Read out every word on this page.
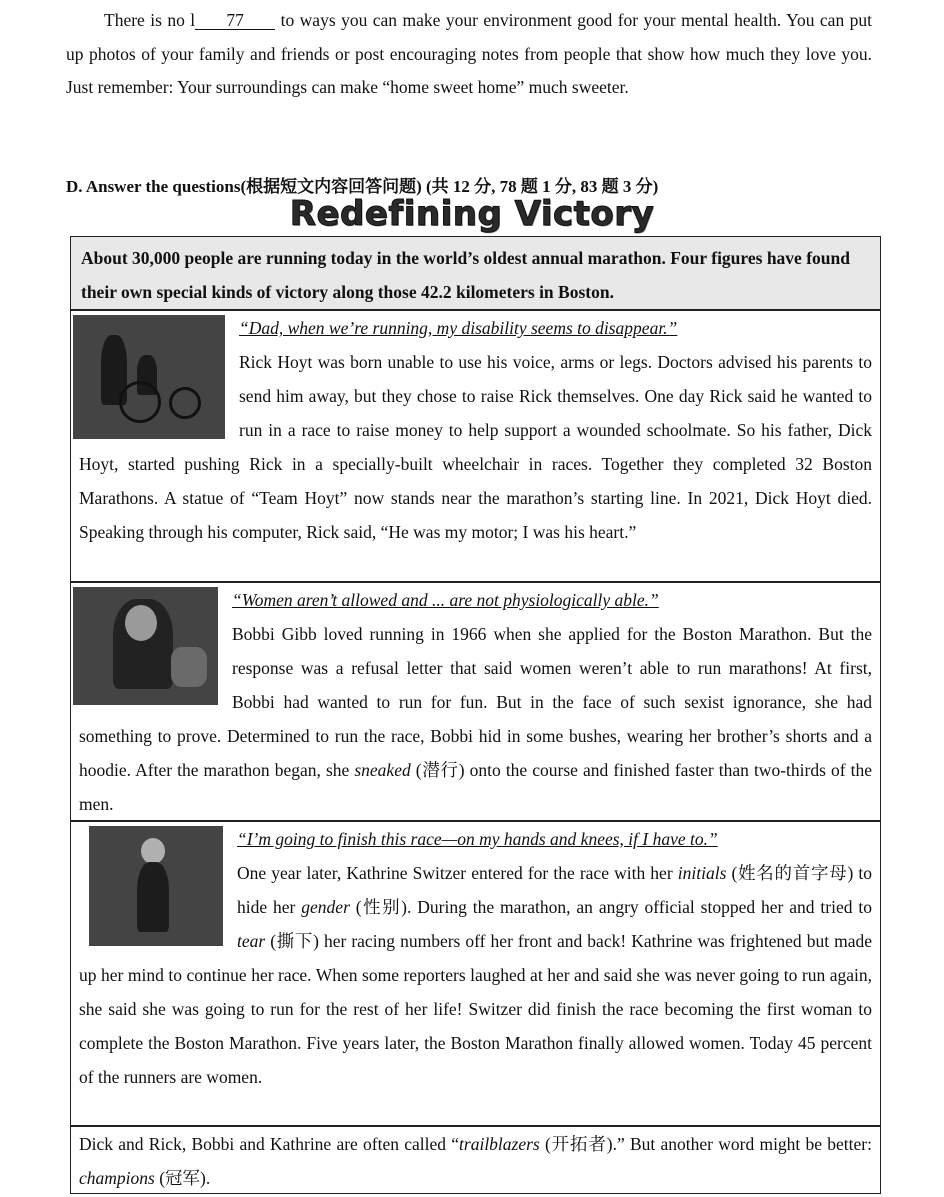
There is no l 77 to ways you can make your environment good for your mental health. You can put up photos of your family and friends or post encouraging notes from people that show how much they love you. Just remember: Your surroundings can make “home sweet home” much sweeter.
D. Answer the questions(根据短文内容回答问题) (共 12 分, 78 题 1 分, 83 题 3 分)
Redefining Victory
About 30,000 people are running today in the world’s oldest annual marathon. Four figures have found their own special kinds of victory along those 42.2 kilometers in Boston.
“Dad, when we’re running, my disability seems to disappear.”
Rick Hoyt was born unable to use his voice, arms or legs. Doctors advised his parents to send him away, but they chose to raise Rick themselves. One day Rick said he wanted to run in a race to raise money to help support a wounded schoolmate. So his father, Dick Hoyt, started pushing Rick in a specially-built wheelchair in races. Together they completed 32 Boston Marathons. A statue of “Team Hoyt” now stands near the marathon’s starting line. In 2021, Dick Hoyt died. Speaking through his computer, Rick said, “He was my motor; I was his heart.”
“Women aren’t allowed and ... are not physiologically able.”
Bobbi Gibb loved running in 1966 when she applied for the Boston Marathon. But the response was a refusal letter that said women weren’t able to run marathons! At first, Bobbi had wanted to run for fun. But in the face of such sexist ignorance, she had something to prove. Determined to run the race, Bobbi hid in some bushes, wearing her brother’s shorts and a hoodie. After the marathon began, she sneaked (潜行) onto the course and finished faster than two-thirds of the men.
“I’m going to finish this race—on my hands and knees, if I have to.”
One year later, Kathrine Switzer entered for the race with her initials (姓名的首字母) to hide her gender (性别). During the marathon, an angry official stopped her and tried to tear (撕下) her racing numbers off her front and back! Kathrine was frightened but made up her mind to continue her race. When some reporters laughed at her and said she was never going to run again, she said she was going to run for the rest of her life! Switzer did finish the race becoming the first woman to complete the Boston Marathon. Five years later, the Boston Marathon finally allowed women. Today 45 percent of the runners are women.
Dick and Rick, Bobbi and Kathrine are often called “trailblazers (开拓者).” But another word might be better: champions (冠军).
